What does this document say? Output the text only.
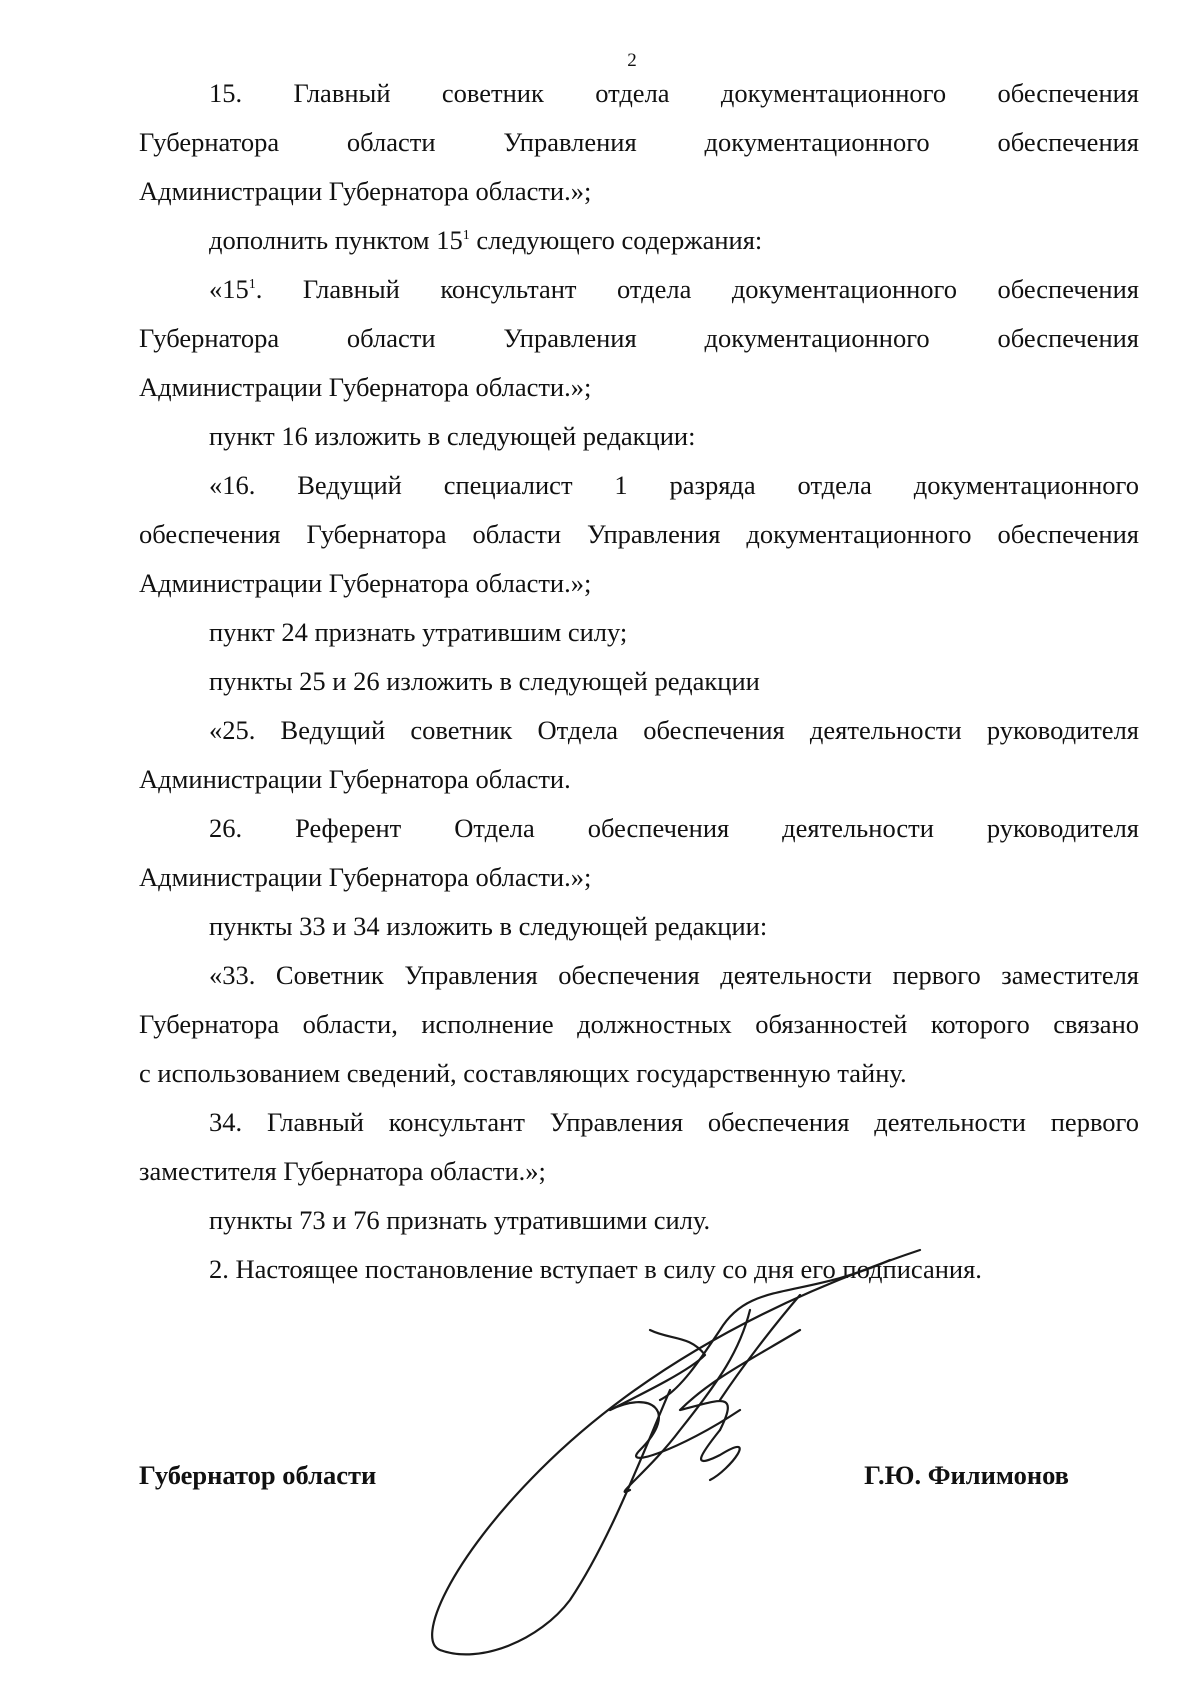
2
15. Главный советник отдела документационного обеспечения
Губернатора области Управления документационного обеспечения
Администрации Губернатора области.»;
дополнить пунктом $15^1$ следующего содержания:
«$15^1$. Главный консультант отдела документационного обеспечения
Губернатора области Управления документационного обеспечения
Администрации Губернатора области.»;
пункт 16 изложить в следующей редакции:
«16. Ведущий специалист 1 разряда отдела документационного
обеспечения Губернатора области Управления документационного обеспечения
Администрации Губернатора области.»;
пункт 24 признать утратившим силу;
пункты 25 и 26 изложить в следующей редакции
«25. Ведущий советник Отдела обеспечения деятельности руководителя
Администрации Губернатора области.
26. Референт Отдела обеспечения деятельности руководителя
Администрации Губернатора области.»;
пункты 33 и 34 изложить в следующей редакции:
«33. Советник Управления обеспечения деятельности первого заместителя
Губернатора области, исполнение должностных обязанностей которого связано
с использованием сведений, составляющих государственную тайну.
34. Главный консультант Управления обеспечения деятельности первого
заместителя Губернатора области.»;
пункты 73 и 76 признать утратившими силу.
2. Настоящее постановление вступает в силу со дня его подписания.
Губернатор области	Г.Ю. Филимонов
